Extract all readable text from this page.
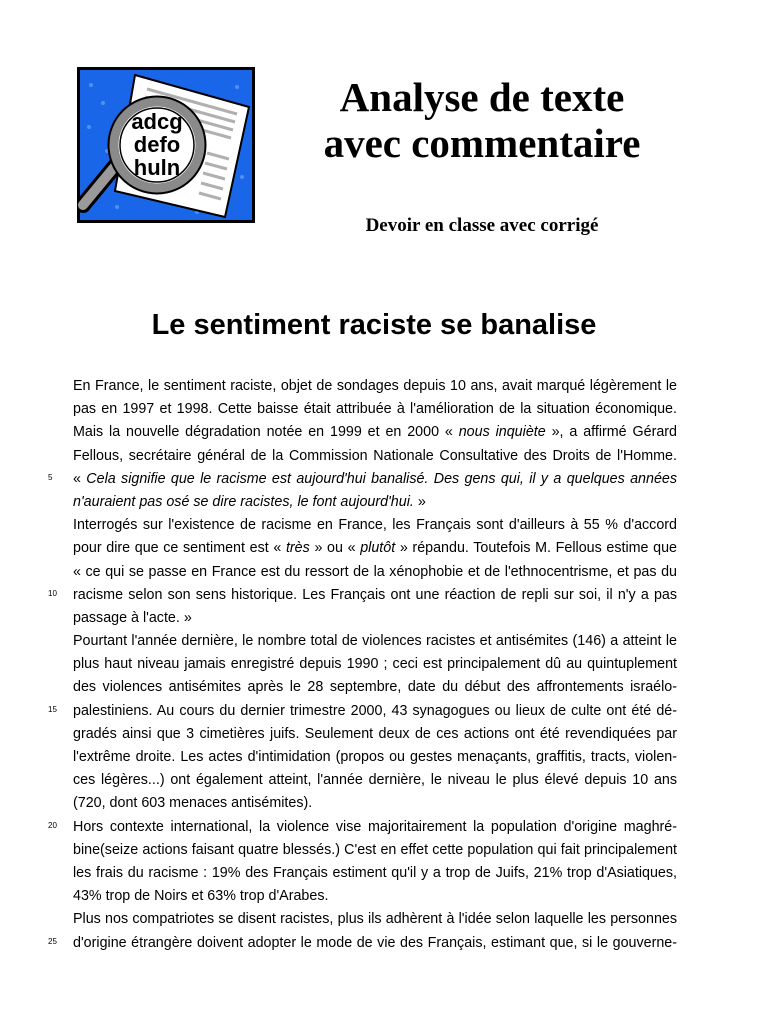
adcg
defo
huln
Analyse de texte
avec commentaire

Devoir en classe avec corrigé

Le sentiment raciste se banalise
En France, le sentiment raciste, objet de sondages depuis 10 ans, avait marqué légèrement le
pas en 1997 et 1998. Cette baisse était attribuée à l'amélioration de la situation économique.
Mais la nouvelle dégradation notée en 1999 et en 2000 « nous inquiète », a affirmé Gérard
Fellous, secrétaire général de la Commission Nationale Consultative des Droits de l'Homme.
5 « Cela signifie que le racisme est aujourd'hui banalisé. Des gens qui, il y a quelques années
n'auraient pas osé se dire racistes, le font aujourd'hui. »
Interrogés sur l'existence de racisme en France, les Français sont d'ailleurs à 55 % d'accord
pour dire que ce sentiment est « très » ou « plutôt » répandu. Toutefois M. Fellous estime que
« ce qui se passe en France est du ressort de la xénophobie et de l'ethnocentrisme, et pas du
10 racisme selon son sens historique. Les Français ont une réaction de repli sur soi, il n'y a pas
passage à l'acte. »
Pourtant l'année dernière, le nombre total de violences racistes et antisémites (146) a atteint le
plus haut niveau jamais enregistré depuis 1990 ; ceci est principalement dû au quintuplement
des violences antisémites après le 28 septembre, date du début des affrontements israélo-
15 palestiniens. Au cours du dernier trimestre 2000, 43 synagogues ou lieux de culte ont été dé-
gradés ainsi que 3 cimetières juifs. Seulement deux de ces actions ont été revendiquées par
l'extrême droite. Les actes d'intimidation (propos ou gestes menaçants, graffitis, tracts, violen-
ces légères...) ont également atteint, l'année dernière, le niveau le plus élevé depuis 10 ans
(720, dont 603 menaces antisémites).
20 Hors contexte international, la violence vise majoritairement la population d'origine maghré-
bine(seize actions faisant quatre blessés.) C'est en effet cette population qui fait principalement
les frais du racisme : 19% des Français estiment qu'il y a trop de Juifs, 21% trop d'Asiatiques,
43% trop de Noirs et 63% trop d'Arabes.
Plus nos compatriotes se disent racistes, plus ils adhèrent à l'idée selon laquelle les personnes
25 d'origine étrangère doivent adopter le mode de vie des Français, estimant que, si le gouverne-
